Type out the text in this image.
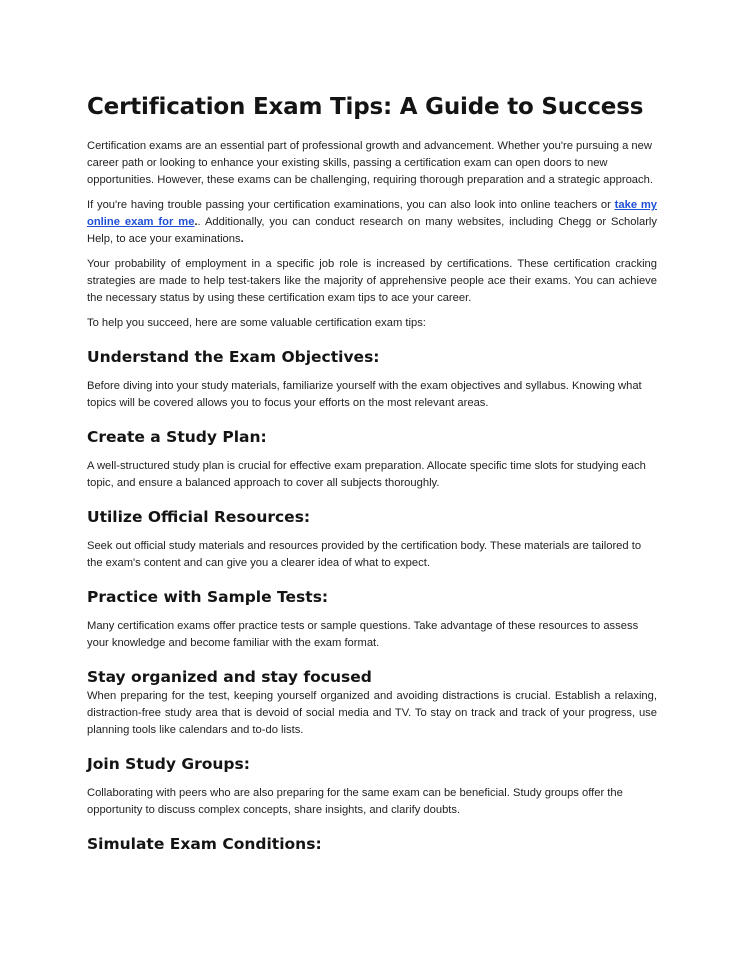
Certification Exam Tips: A Guide to Success

Certification exams are an essential part of professional growth and advancement. Whether you're pursuing a new career path or looking to enhance your existing skills, passing a certification exam can open doors to new opportunities. However, these exams can be challenging, requiring thorough preparation and a strategic approach.

If you're having trouble passing your certification examinations, you can also look into online teachers or take my online exam for me.. Additionally, you can conduct research on many websites, including Chegg or Scholarly Help, to ace your examinations.

Your probability of employment in a specific job role is increased by certifications. These certification cracking strategies are made to help test-takers like the majority of apprehensive people ace their exams. You can achieve the necessary status by using these certification exam tips to ace your career.

To help you succeed, here are some valuable certification exam tips:

Understand the Exam Objectives:

Before diving into your study materials, familiarize yourself with the exam objectives and syllabus. Knowing what topics will be covered allows you to focus your efforts on the most relevant areas.

Create a Study Plan:

A well-structured study plan is crucial for effective exam preparation. Allocate specific time slots for studying each topic, and ensure a balanced approach to cover all subjects thoroughly.

Utilize Official Resources:

Seek out official study materials and resources provided by the certification body. These materials are tailored to the exam's content and can give you a clearer idea of what to expect.

Practice with Sample Tests:

Many certification exams offer practice tests or sample questions. Take advantage of these resources to assess your knowledge and become familiar with the exam format.

Stay organized and stay focused

When preparing for the test, keeping yourself organized and avoiding distractions is crucial. Establish a relaxing, distraction-free study area that is devoid of social media and TV. To stay on track and track of your progress, use planning tools like calendars and to-do lists.

Join Study Groups:

Collaborating with peers who are also preparing for the same exam can be beneficial. Study groups offer the opportunity to discuss complex concepts, share insights, and clarify doubts.

Simulate Exam Conditions:
